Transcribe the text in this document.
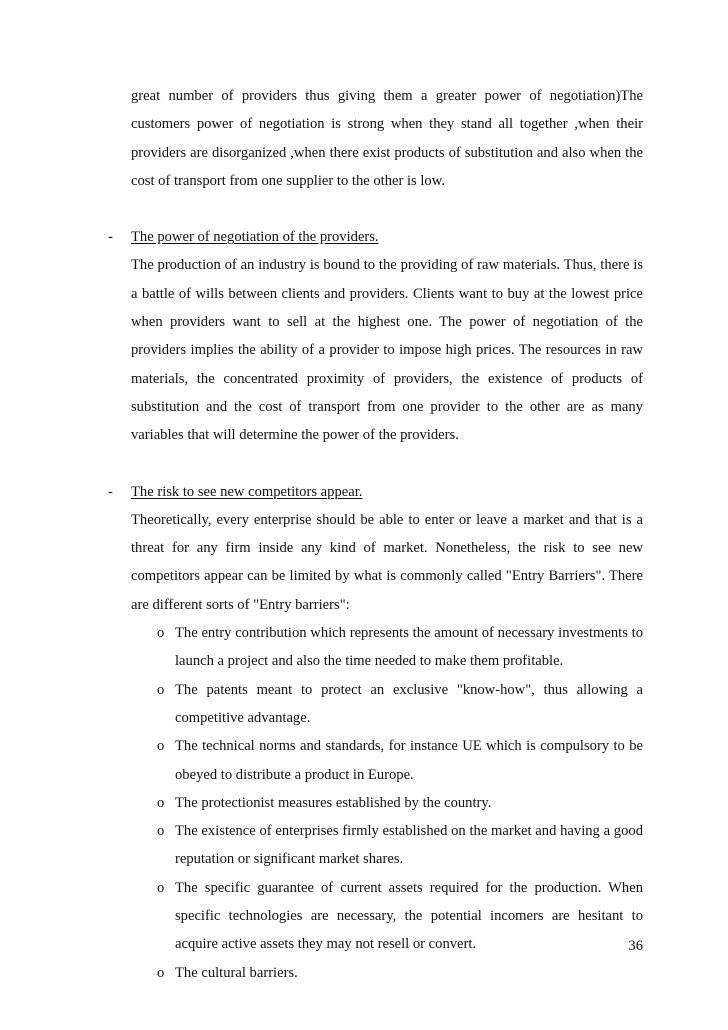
great number of providers thus giving them a greater power of negotiation)The customers power of negotiation is strong when they stand all together ,when their providers are disorganized ,when there exist products of substitution and also when the cost of transport from one supplier to the other is low.

- The power of negotiation of the providers.

The production of an industry is bound to the providing of raw materials. Thus, there is a battle of wills between clients and providers. Clients want to buy at the lowest price when providers want to sell at the highest one. The power of negotiation of the providers implies the ability of a provider to impose high prices. The resources in raw materials, the concentrated proximity of providers, the existence of products of substitution and the cost of transport from one provider to the other are as many variables that will determine the power of the providers.

- The risk to see new competitors appear.

Theoretically, every enterprise should be able to enter or leave a market and that is a threat for any firm inside any kind of market. Nonetheless, the risk to see new competitors appear can be limited by what is commonly called "Entry Barriers". There are different sorts of "Entry barriers":

o The entry contribution which represents the amount of necessary investments to launch a project and also the time needed to make them profitable.
o The patents meant to protect an exclusive "know-how", thus allowing a competitive advantage.
o The technical norms and standards, for instance UE which is compulsory to be obeyed to distribute a product in Europe.
o The protectionist measures established by the country.
o The existence of enterprises firmly established on the market and having a good reputation or significant market shares.
o The specific guarantee of current assets required for the production. When specific technologies are necessary, the potential incomers are hesitant to acquire active assets they may not resell or convert.
o The cultural barriers.
36
